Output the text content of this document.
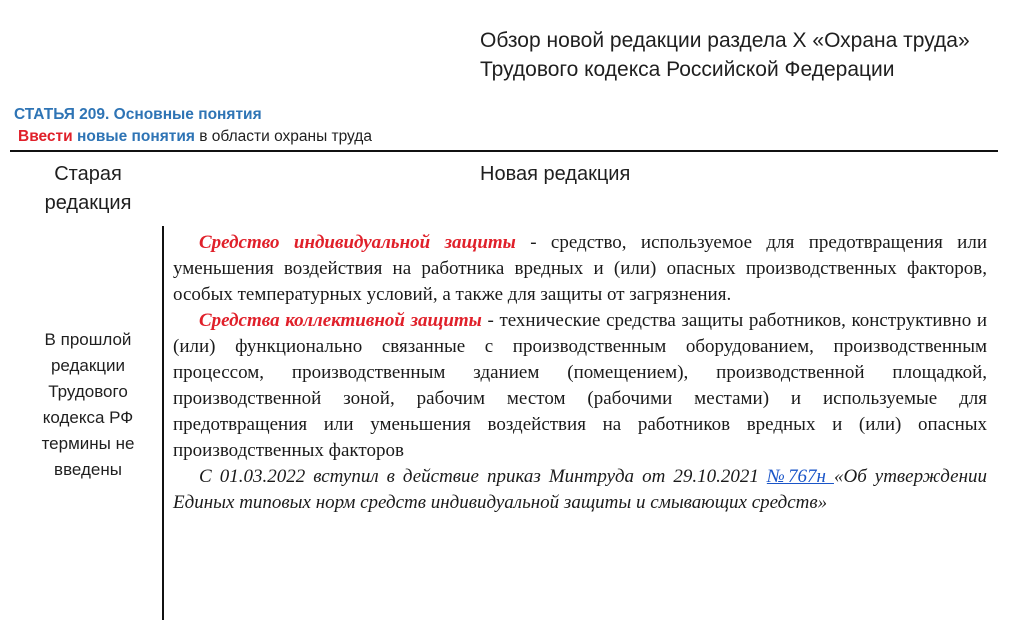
Обзор новой редакции раздела Х «Охрана труда»
Трудового кодекса Российской Федерации
СТАТЬЯ 209. Основные понятия
Ввести новые понятия в области охраны труда
Старая
редакция
Новая редакция
В прошлой
редакции
Трудового
кодекса РФ
термины не
введены

Средство индивидуальной защиты - средство, используемое для предотвращения или уменьшения воздействия на работника вредных и (или) опасных производственных факторов, особых температурных условий, а также для защиты от загрязнения.

Средства коллективной защиты - технические средства защиты работников, конструктивно и (или) функционально связанные с производственным оборудованием, производственным процессом, производственным зданием (помещением), производственной площадкой, производственной зоной, рабочим местом (рабочими местами) и используемые для предотвращения или уменьшения воздействия на работников вредных и (или) опасных производственных факторов

С 01.03.2022 вступил в действие приказ Минтруда от 29.10.2021 №767н «Об утверждении Единых типовых норм средств индивидуальной защиты и смывающих средств»
